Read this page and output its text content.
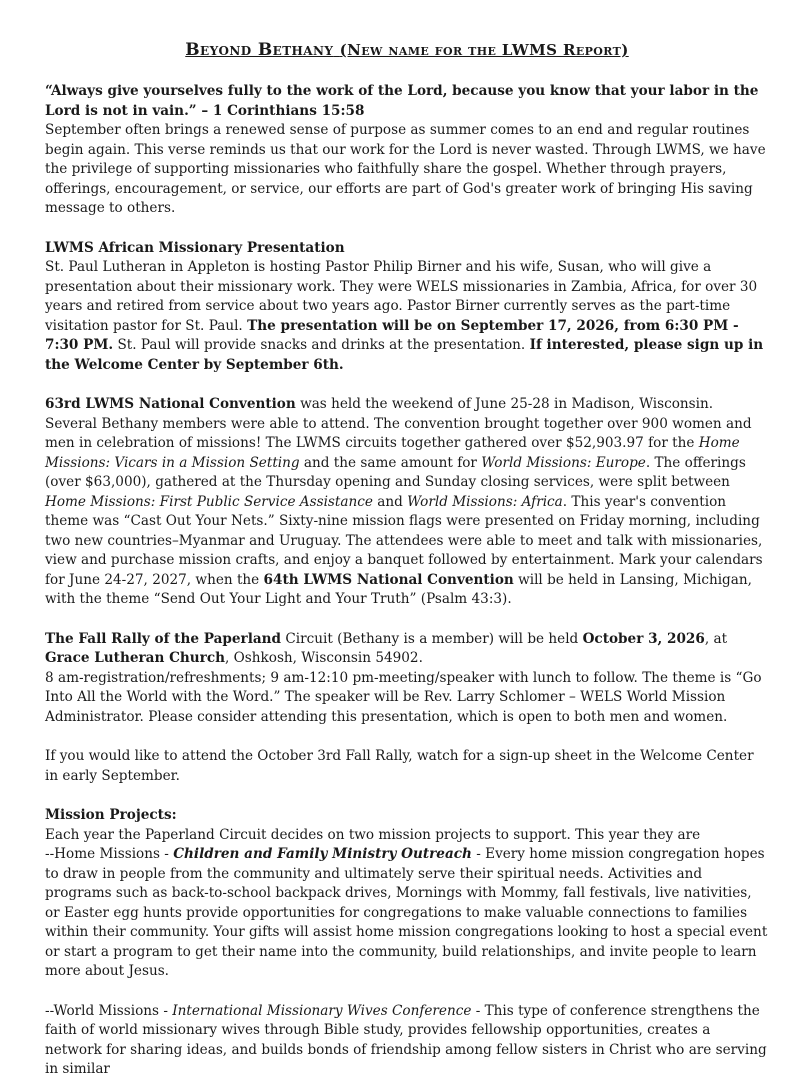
Beyond Bethany (New name for the LWMS Report)

“Always give yourselves fully to the work of the Lord, because you know that your labor in the Lord is not in vain.” – 1 Corinthians 15:58

September often brings a renewed sense of purpose as summer comes to an end and regular routines begin again. This verse reminds us that our work for the Lord is never wasted. Through LWMS, we have the privilege of supporting missionaries who faithfully share the gospel. Whether through prayers, offerings, encouragement, or service, our efforts are part of God's greater work of bringing His saving message to others.

LWMS African Missionary Presentation

St. Paul Lutheran in Appleton is hosting Pastor Philip Birner and his wife, Susan, who will give a presentation about their missionary work. They were WELS missionaries in Zambia, Africa, for over 30 years and retired from service about two years ago. Pastor Birner currently serves as the part-time visitation pastor for St. Paul. The presentation will be on September 17, 2026, from 6:30 PM - 7:30 PM. St. Paul will provide snacks and drinks at the presentation. If interested, please sign up in the Welcome Center by September 6th.

63rd LWMS National Convention was held the weekend of June 25-28 in Madison, Wisconsin. Several Bethany members were able to attend. The convention brought together over 900 women and men in celebration of missions! The LWMS circuits together gathered over $52,903.97 for the Home Missions: Vicars in a Mission Setting and the same amount for World Missions: Europe. The offerings (over $63,000), gathered at the Thursday opening and Sunday closing services, were split between Home Missions: First Public Service Assistance and World Missions: Africa. This year's convention theme was “Cast Out Your Nets.” Sixty-nine mission flags were presented on Friday morning, including two new countries–Myanmar and Uruguay. The attendees were able to meet and talk with missionaries, view and purchase mission crafts, and enjoy a banquet followed by entertainment. Mark your calendars for June 24-27, 2027, when the 64th LWMS National Convention will be held in Lansing, Michigan, with the theme “Send Out Your Light and Your Truth” (Psalm 43:3).

The Fall Rally of the Paperland Circuit (Bethany is a member) will be held October 3, 2026, at Grace Lutheran Church, Oshkosh, Wisconsin 54902.

8 am-registration/refreshments; 9 am-12:10 pm-meeting/speaker with lunch to follow. The theme is “Go Into All the World with the Word.” The speaker will be Rev. Larry Schlomer – WELS World Mission Administrator. Please consider attending this presentation, which is open to both men and women.

If you would like to attend the October 3rd Fall Rally, watch for a sign-up sheet in the Welcome Center in early September.

Mission Projects:

Each year the Paperland Circuit decides on two mission projects to support. This year they are

--Home Missions - Children and Family Ministry Outreach - Every home mission congregation hopes to draw in people from the community and ultimately serve their spiritual needs. Activities and programs such as back-to-school backpack drives, Mornings with Mommy, fall festivals, live nativities, or Easter egg hunts provide opportunities for congregations to make valuable connections to families within their community. Your gifts will assist home mission congregations looking to host a special event or start a program to get their name into the community, build relationships, and invite people to learn more about Jesus.

--World Missions - International Missionary Wives Conference - This type of conference strengthens the faith of world missionary wives through Bible study, provides fellowship opportunities, creates a network for sharing ideas, and builds bonds of friendship among fellow sisters in Christ who are serving in similar
